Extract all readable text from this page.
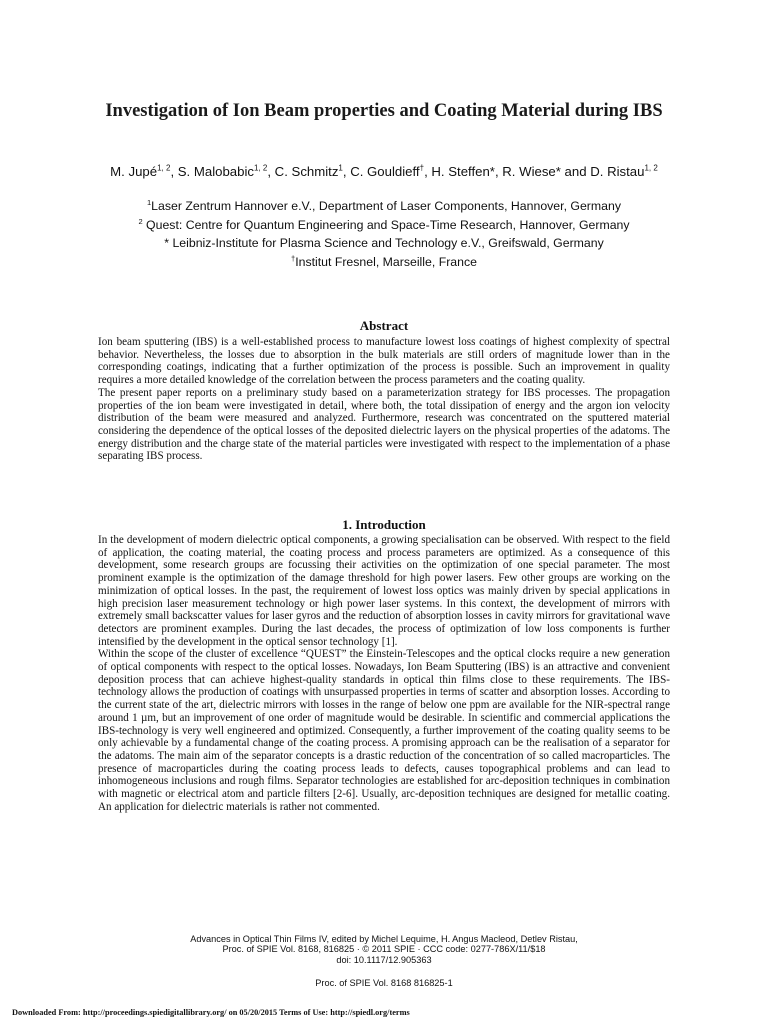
Investigation of Ion Beam properties and Coating Material during IBS
M. Jupé$^{1, 2}$, S. Malobabic$^{1, 2}$, C. Schmitz$^1$, C. Gouldieff†, H. Steffen*, R. Wiese* and D. Ristau$^{1, 2}$
$^1$Laser Zentrum Hannover e.V., Department of Laser Components, Hannover, Germany
$^2$ Quest: Centre for Quantum Engineering and Space-Time Research, Hannover, Germany
* Leibniz-Institute for Plasma Science and Technology e.V., Greifswald, Germany
†Institut Fresnel, Marseille, France
Abstract

Ion beam sputtering (IBS) is a well-established process to manufacture lowest loss coatings of highest complexity of spectral behavior. Nevertheless, the losses due to absorption in the bulk materials are still orders of magnitude lower than in the corresponding coatings, indicating that a further optimization of the process is possible. Such an improvement in quality requires a more detailed knowledge of the correlation between the process parameters and the coating quality.

The present paper reports on a preliminary study based on a parameterization strategy for IBS processes. The propagation properties of the ion beam were investigated in detail, where both, the total dissipation of energy and the argon ion velocity distribution of the beam were measured and analyzed. Furthermore, research was concentrated on the sputtered material considering the dependence of the optical losses of the deposited dielectric layers on the physical properties of the adatoms. The energy distribution and the charge state of the material particles were investigated with respect to the implementation of a phase separating IBS process.

1. Introduction

In the development of modern dielectric optical components, a growing specialisation can be observed. With respect to the field of application, the coating material, the coating process and process parameters are optimized. As a consequence of this development, some research groups are focussing their activities on the optimization of one special parameter. The most prominent example is the optimization of the damage threshold for high power lasers. Few other groups are working on the minimization of optical losses. In the past, the requirement of lowest loss optics was mainly driven by special applications in high precision laser measurement technology or high power laser systems. In this context, the development of mirrors with extremely small backscatter values for laser gyros and the reduction of absorption losses in cavity mirrors for gravitational wave detectors are prominent examples. During the last decades, the process of optimization of low loss components is further intensified by the development in the optical sensor technology [1].

Within the scope of the cluster of excellence “QUEST” the Einstein-Telescopes and the optical clocks require a new generation of optical components with respect to the optical losses. Nowadays, Ion Beam Sputtering (IBS) is an attractive and convenient deposition process that can achieve highest-quality standards in optical thin films close to these requirements. The IBS-technology allows the production of coatings with unsurpassed properties in terms of scatter and absorption losses. According to the current state of the art, dielectric mirrors with losses in the range of below one ppm are available for the NIR-spectral range around 1 µm, but an improvement of one order of magnitude would be desirable. In scientific and commercial applications the IBS-technology is very well engineered and optimized. Consequently, a further improvement of the coating quality seems to be only achievable by a fundamental change of the coating process. A promising approach can be the realisation of a separator for the adatoms. The main aim of the separator concepts is a drastic reduction of the concentration of so called macroparticles. The presence of macroparticles during the coating process leads to defects, causes topographical problems and can lead to inhomogeneous inclusions and rough films. Separator technologies are established for arc-deposition techniques in combination with magnetic or electrical atom and particle filters [2-6]. Usually, arc-deposition techniques are designed for metallic coating. An application for dielectric materials is rather not commented.

Advances in Optical Thin Films IV, edited by Michel Lequime, H. Angus Macleod, Detlev Ristau,
Proc. of SPIE Vol. 8168, 816825 · © 2011 SPIE · CCC code: 0277-786X/11/$18
doi: 10.1117/12.905363
Proc. of SPIE Vol. 8168 816825-1
Downloaded From: http://proceedings.spiedigitallibrary.org/ on 05/20/2015 Terms of Use: http://spiedl.org/terms
